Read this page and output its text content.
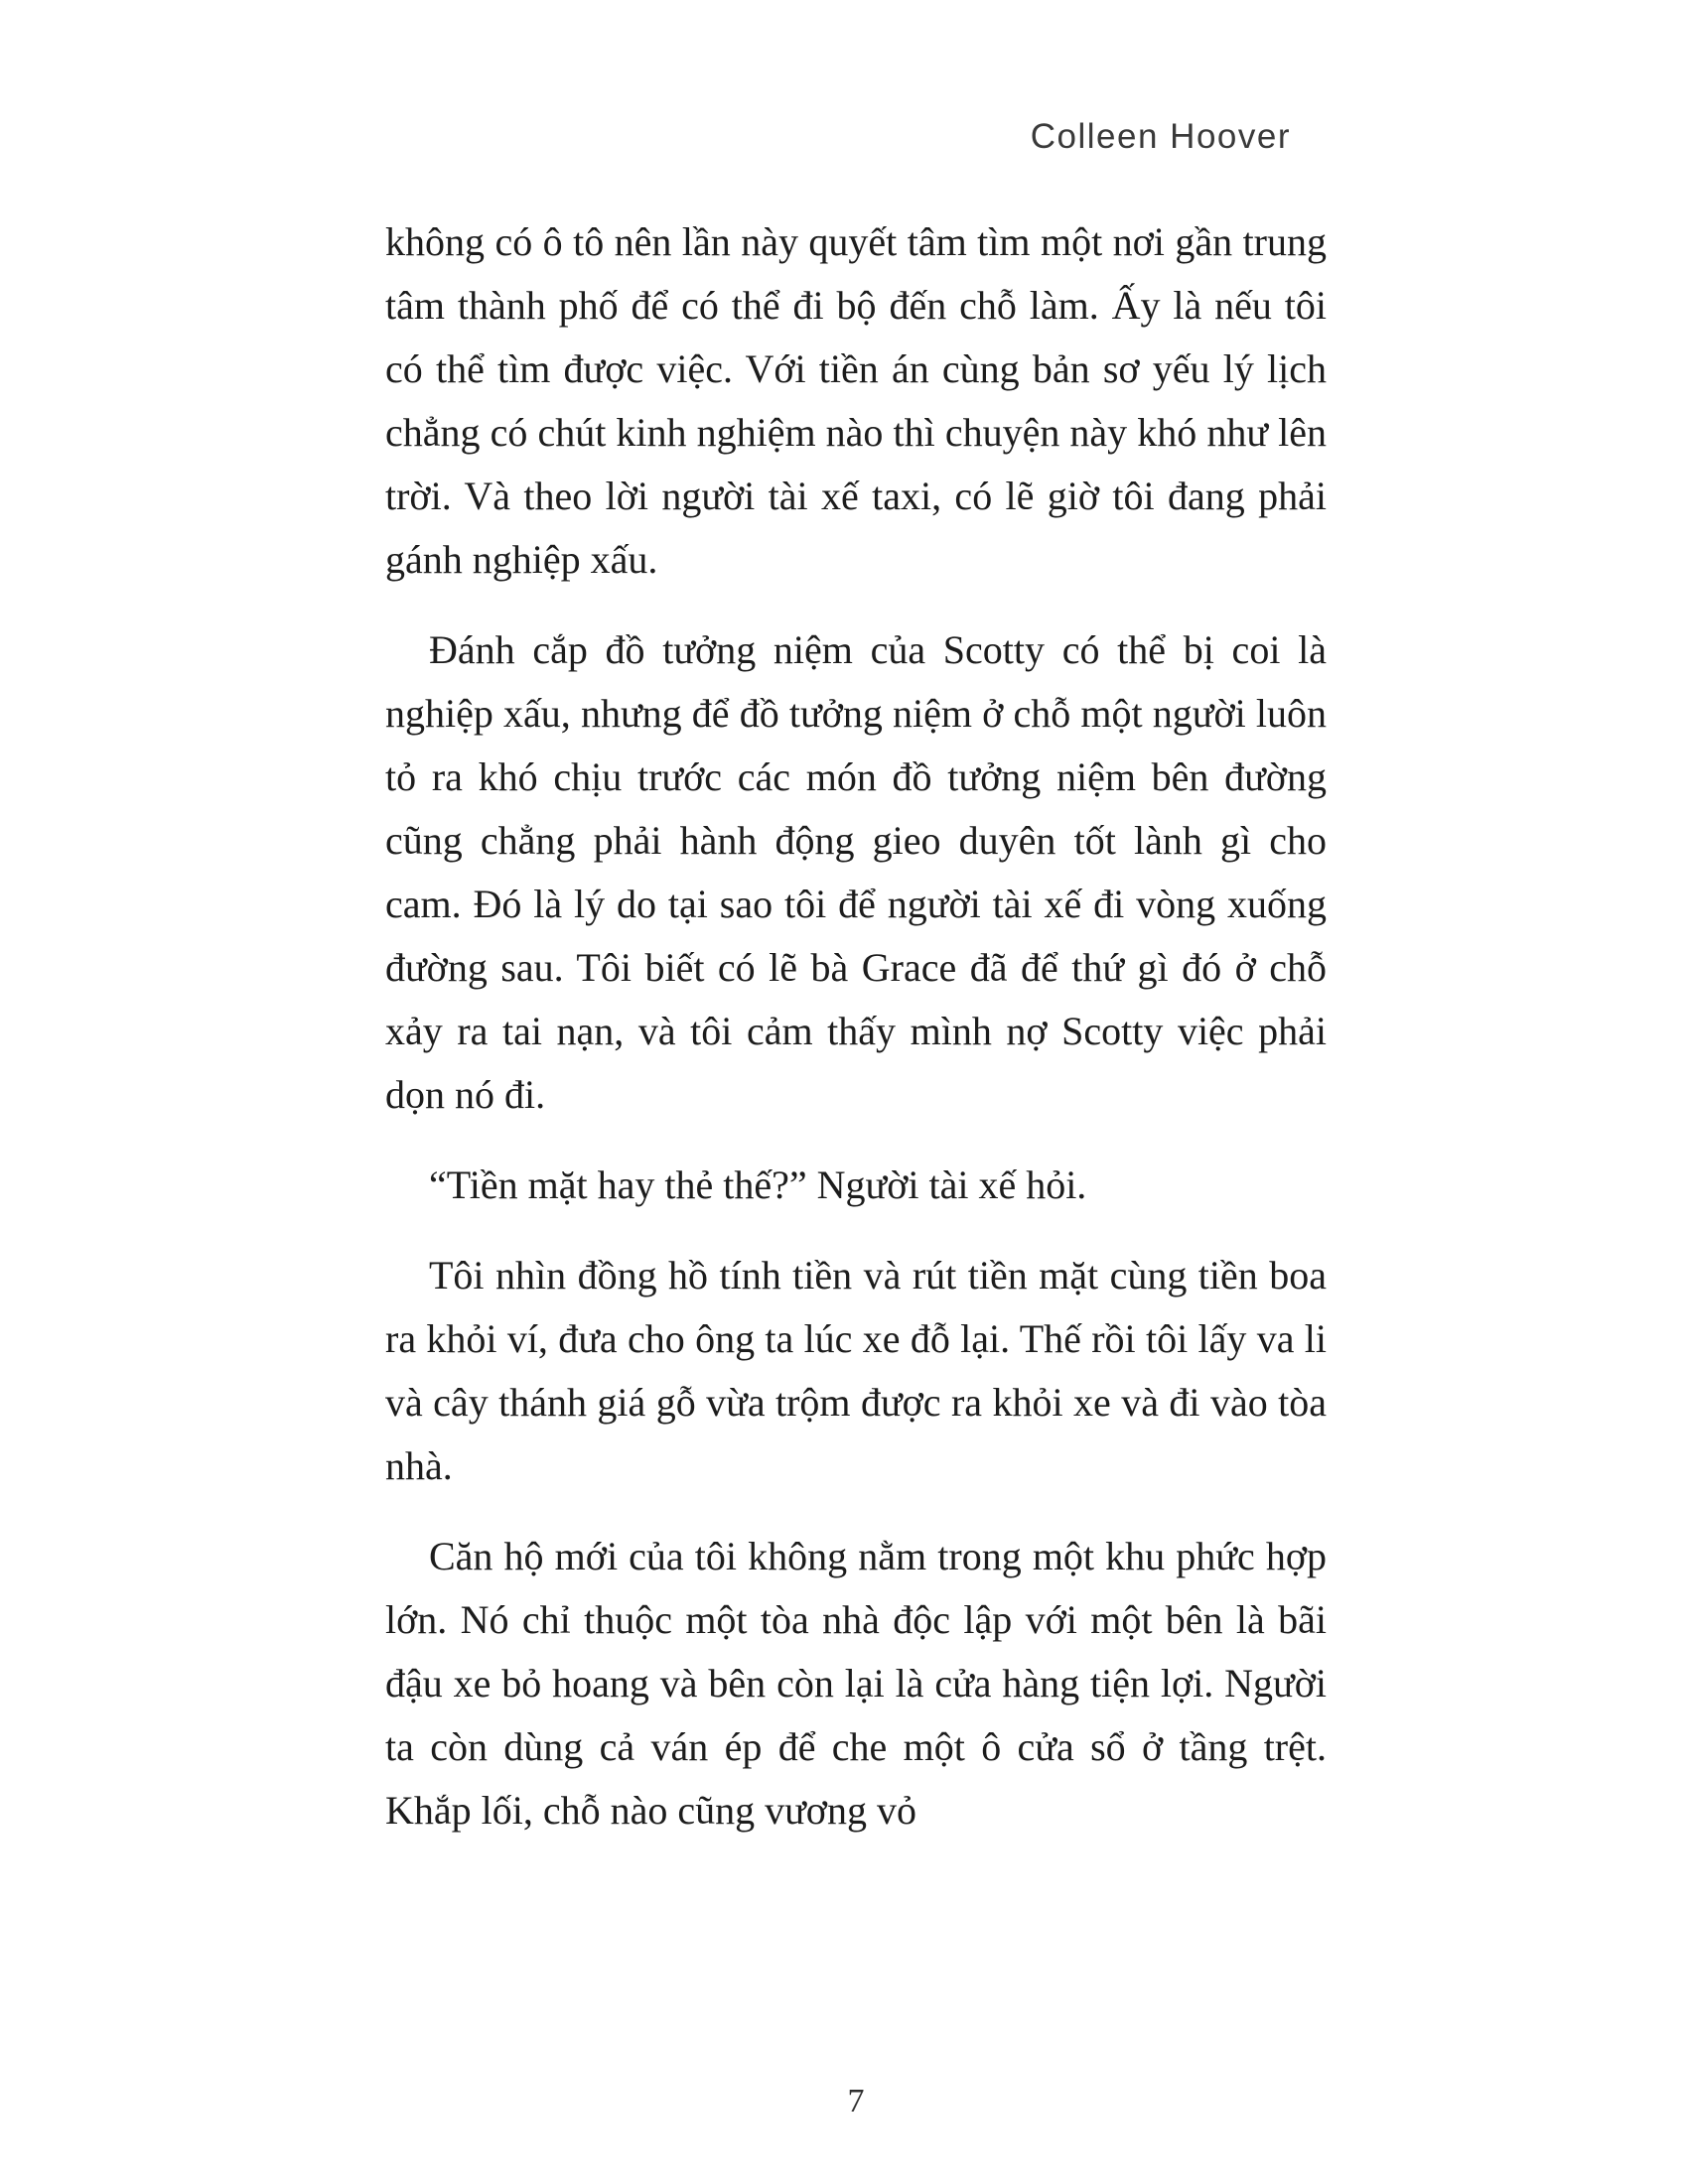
Colleen Hoover

không có ô tô nên lần này quyết tâm tìm một nơi gần trung tâm thành phố để có thể đi bộ đến chỗ làm. Ấy là nếu tôi có thể tìm được việc. Với tiền án cùng bản sơ yếu lý lịch chẳng có chút kinh nghiệm nào thì chuyện này khó như lên trời. Và theo lời người tài xế taxi, có lẽ giờ tôi đang phải gánh nghiệp xấu.

Đánh cắp đồ tưởng niệm của Scotty có thể bị coi là nghiệp xấu, nhưng để đồ tưởng niệm ở chỗ một người luôn tỏ ra khó chịu trước các món đồ tưởng niệm bên đường cũng chẳng phải hành động gieo duyên tốt lành gì cho cam. Đó là lý do tại sao tôi để người tài xế đi vòng xuống đường sau. Tôi biết có lẽ bà Grace đã để thứ gì đó ở chỗ xảy ra tai nạn, và tôi cảm thấy mình nợ Scotty việc phải dọn nó đi.

“Tiền mặt hay thẻ thế?” Người tài xế hỏi.

Tôi nhìn đồng hồ tính tiền và rút tiền mặt cùng tiền boa ra khỏi ví, đưa cho ông ta lúc xe đỗ lại. Thế rồi tôi lấy va li và cây thánh giá gỗ vừa trộm được ra khỏi xe và đi vào tòa nhà.

Căn hộ mới của tôi không nằm trong một khu phức hợp lớn. Nó chỉ thuộc một tòa nhà độc lập với một bên là bãi đậu xe bỏ hoang và bên còn lại là cửa hàng tiện lợi. Người ta còn dùng cả ván ép để che một ô cửa sổ ở tầng trệt. Khắp lối, chỗ nào cũng vương vỏ

7
